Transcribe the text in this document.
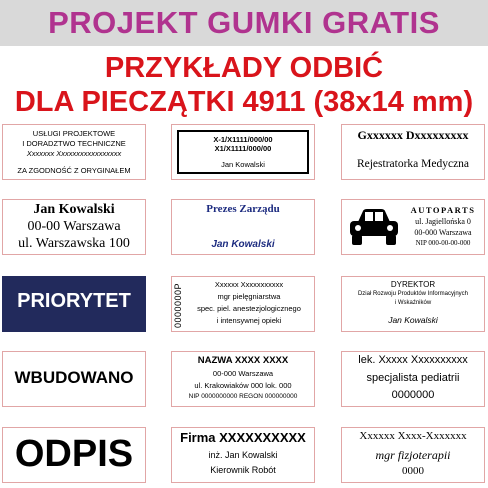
PROJEKT GUMKI GRATIS
PRZYKŁADY ODBIĆ
DLA PIECZĄTKI 4911 (38x14 mm)
USŁUGI PROJEKTOWE
I DORADZTWO TECHNICZNE
Xxxxxxx Xxxxxxxxxxxxxxxxx
ZA ZGODNOŚĆ Z ORYGINAŁEM
X-1/X1111/000/00
X1/X1111/000/00
Jan Kowalski
Gxxxxxx Dxxxxxxxxx
Rejestratorka Medyczna
Jan Kowalski
00-00 Warszawa
ul. Warszawska 100
Prezes Zarządu
Jan Kowalski
AUTOPARTS
ul. Jagiellońska 0
00-000 Warszawa
NIP 000-00-00-000
PRIORYTET	0000000P	Xxxxxx Xxxxxxxxxxx
mgr pielęgniarstwa
spec. piel. anestezjologicznego
i intensywnej opieki
DYREKTOR
Dział Rozwoju Produktów Informacyjnych
i Wskaźników
Jan Kowalski
WBUDOWANO
NAZWA XXXX XXXX
00-000 Warszawa
ul. Krakowiaków 000 lok. 000
NIP 0000000000 REGON 000000000
lek. Xxxxx Xxxxxxxxxx
specjalista pediatrii
0000000
ODPIS	Firma XXXXXXXXXX
inż. Jan Kowalski
Kierownik Robót
Xxxxxx Xxxx-Xxxxxxx
mgr fizjoterapii
0000
